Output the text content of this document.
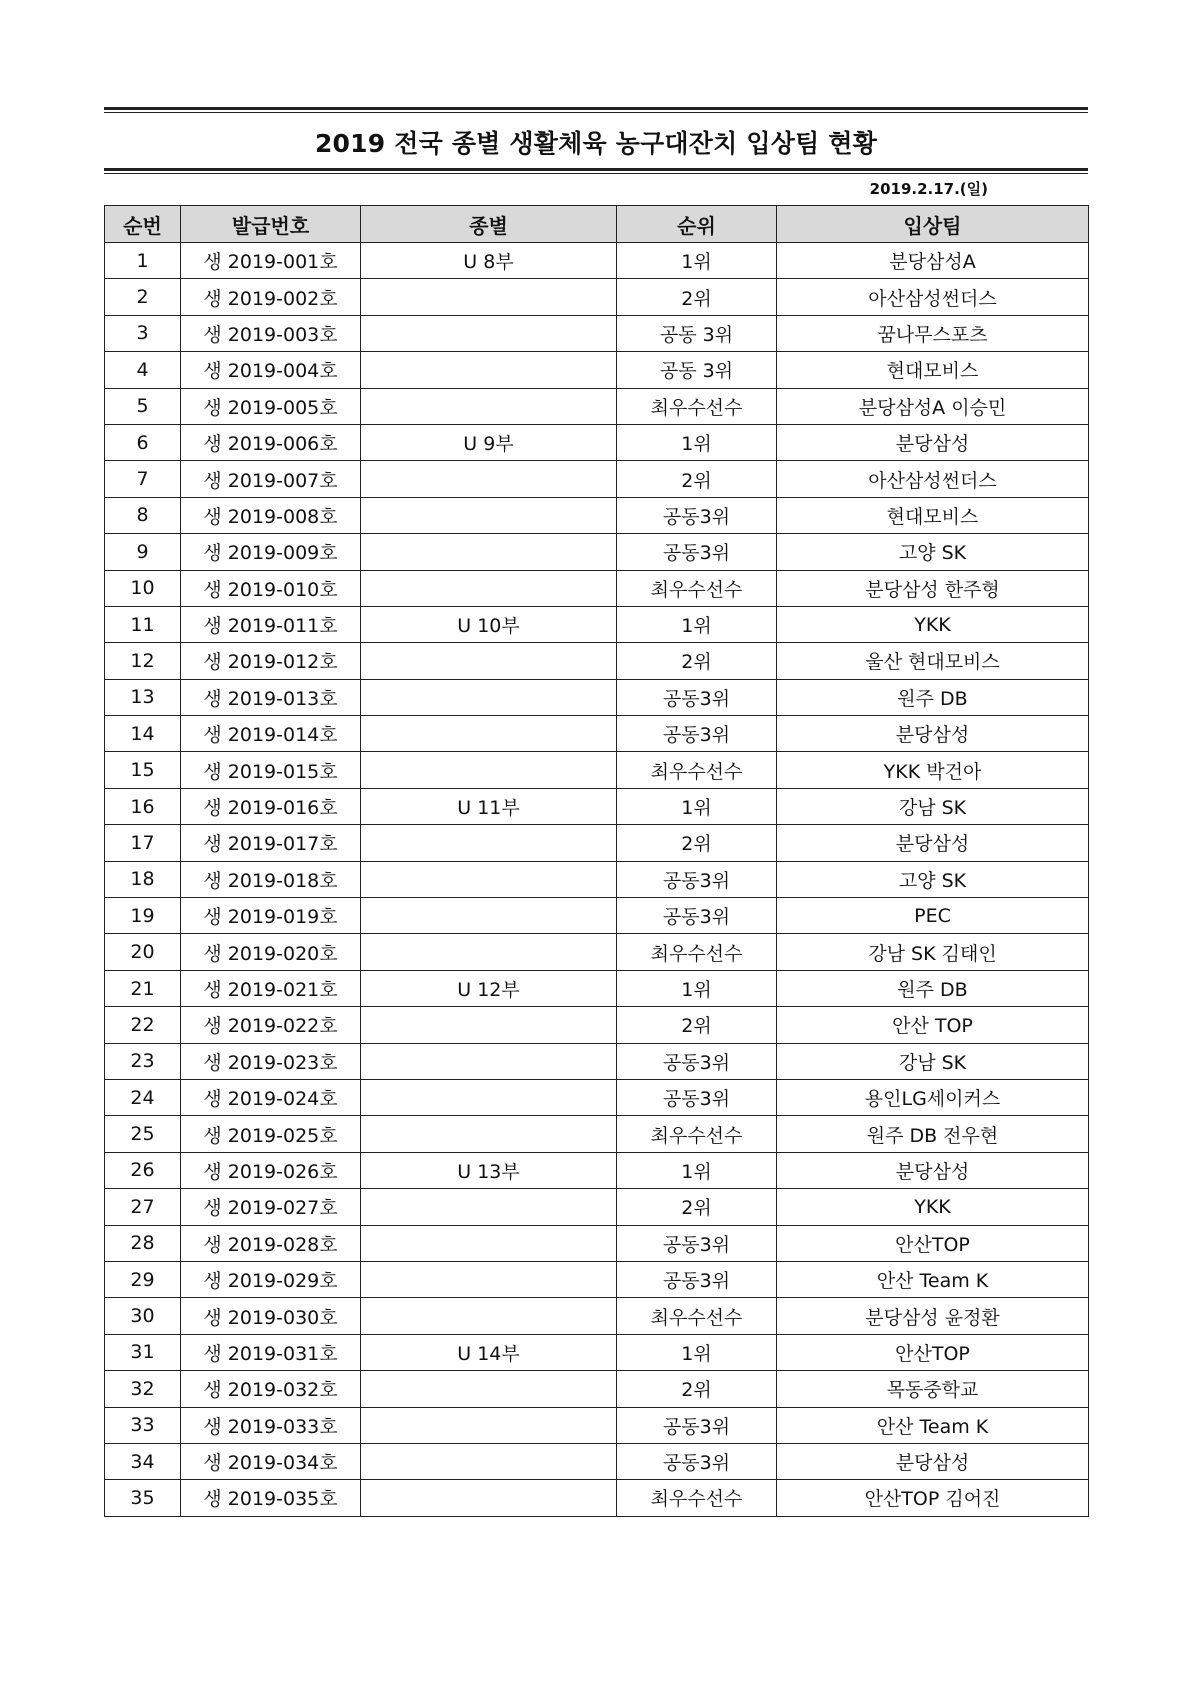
2019 전국 종별 생활체육 농구대잔치 입상팀 현황
2019.2.17.(일)
순번	발급번호	종별	순위	입상팀
1	생 2019-001호	U 8부	1위	분당삼성A
2	생 2019-002호		2위	아산삼성썬더스
3	생 2019-003호		공동 3위	꿈나무스포츠
4	생 2019-004호		공동 3위	현대모비스
5	생 2019-005호		최우수선수	분당삼성A 이승민
6	생 2019-006호	U 9부	1위	분당삼성
7	생 2019-007호		2위	아산삼성썬더스
8	생 2019-008호		공동3위	현대모비스
9	생 2019-009호		공동3위	고양 SK
10	생 2019-010호		최우수선수	분당삼성 한주형
11	생 2019-011호	U 10부	1위	YKK
12	생 2019-012호		2위	울산 현대모비스
13	생 2019-013호		공동3위	원주 DB
14	생 2019-014호		공동3위	분당삼성
15	생 2019-015호		최우수선수	YKK 박건아
16	생 2019-016호	U 11부	1위	강남 SK
17	생 2019-017호		2위	분당삼성
18	생 2019-018호		공동3위	고양 SK
19	생 2019-019호		공동3위	PEC
20	생 2019-020호		최우수선수	강남 SK 김태인
21	생 2019-021호	U 12부	1위	원주 DB
22	생 2019-022호		2위	안산 TOP
23	생 2019-023호		공동3위	강남 SK
24	생 2019-024호		공동3위	용인LG세이커스
25	생 2019-025호		최우수선수	원주 DB 전우현
26	생 2019-026호	U 13부	1위	분당삼성
27	생 2019-027호		2위	YKK
28	생 2019-028호		공동3위	안산TOP
29	생 2019-029호		공동3위	안산 Team K
30	생 2019-030호		최우수선수	분당삼성 윤정환
31	생 2019-031호	U 14부	1위	안산TOP
32	생 2019-032호		2위	목동중학교
33	생 2019-033호		공동3위	안산 Team K
34	생 2019-034호		공동3위	분당삼성
35	생 2019-035호		최우수선수	안산TOP 김어진
